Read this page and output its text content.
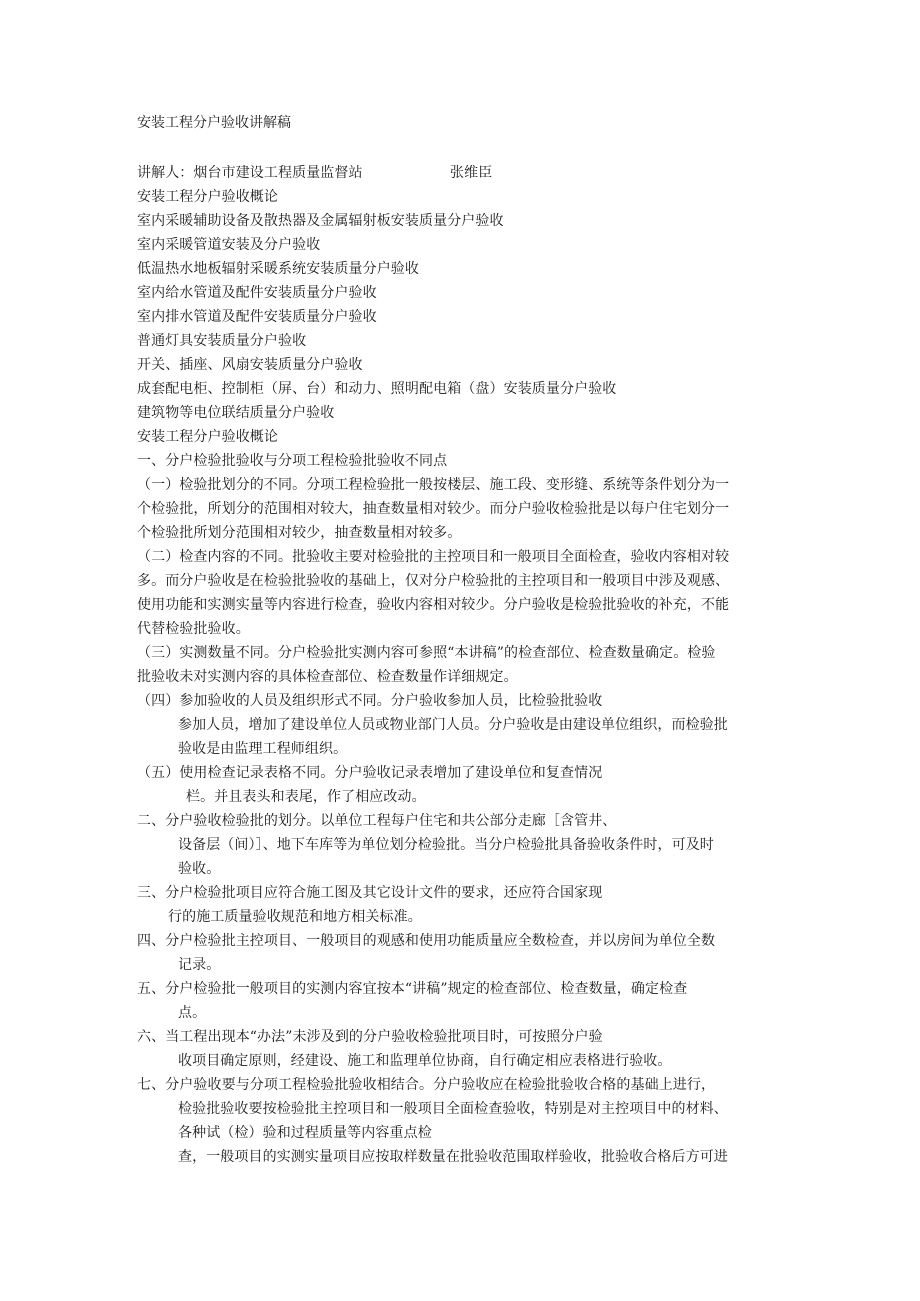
安装工程分户验收讲解稿
讲解人：烟台市建设工程质量监督站	张维臣
安装工程分户验收概论
室内采暖辅助设备及散热器及金属辐射板安装质量分户验收
室内采暖管道安装及分户验收
低温热水地板辐射采暖系统安装质量分户验收
室内给水管道及配件安装质量分户验收
室内排水管道及配件安装质量分户验收
普通灯具安装质量分户验收
开关、插座、风扇安装质量分户验收
成套配电柜、控制柜（屏、台）和动力、照明配电箱（盘）安装质量分户验收
建筑物等电位联结质量分户验收
安装工程分户验收概论
一、分户检验批验收与分项工程检验批验收不同点
（一）检验批划分的不同。分项工程检验批一般按楼层、施工段、变形缝、系统等条件划分为一
个检验批，所划分的范围相对较大，抽查数量相对较少。而分户验收检验批是以每户住宅划分一
个检验批所划分范围相对较少，抽查数量相对较多。
（二）检查内容的不同。批验收主要对检验批的主控项目和一般项目全面检查，验收内容相对较
多。而分户验收是在检验批验收的基础上，仅对分户检验批的主控项目和一般项目中涉及观感、
使用功能和实测实量等内容进行检查，验收内容相对较少。分户验收是检验批验收的补充，不能
代替检验批验收。
（三）实测数量不同。分户检验批实测内容可参照“本讲稿”的检查部位、检查数量确定。检验
批验收未对实测内容的具体检查部位、检查数量作详细规定。
（四）参加验收的人员及组织形式不同。分户验收参加人员，比检验批验收
参加人员，增加了建设单位人员或物业部门人员。分户验收是由建设单位组织，而检验批
验收是由监理工程师组织。
（五）使用检查记录表格不同。分户验收记录表增加了建设单位和复查情况
栏。并且表头和表尾，作了相应改动。
二、分户验收检验批的划分。以单位工程每户住宅和共公部分走廊［含管井、
设备层（间）］、地下车库等为单位划分检验批。当分户检验批具备验收条件时，可及时
验收。
三、分户检验批项目应符合施工图及其它设计文件的要求，还应符合国家现
行的施工质量验收规范和地方相关标准。
四、分户检验批主控项目、一般项目的观感和使用功能质量应全数检查，并以房间为单位全数
记录。
五、分户检验批一般项目的实测内容宜按本“讲稿”规定的检查部位、检查数量，确定检查
点。
六、当工程出现本“办法”未涉及到的分户验收检验批项目时，可按照分户验
收项目确定原则，经建设、施工和监理单位协商，自行确定相应表格进行验收。
七、分户验收要与分项工程检验批验收相结合。分户验收应在检验批验收合格的基础上进行，
检验批验收要按检验批主控项目和一般项目全面检查验收，特别是对主控项目中的材料、
各种试（检）验和过程质量等内容重点检
查，一般项目的实测实量项目应按取样数量在批验收范围取样验收，批验收合格后方可进
